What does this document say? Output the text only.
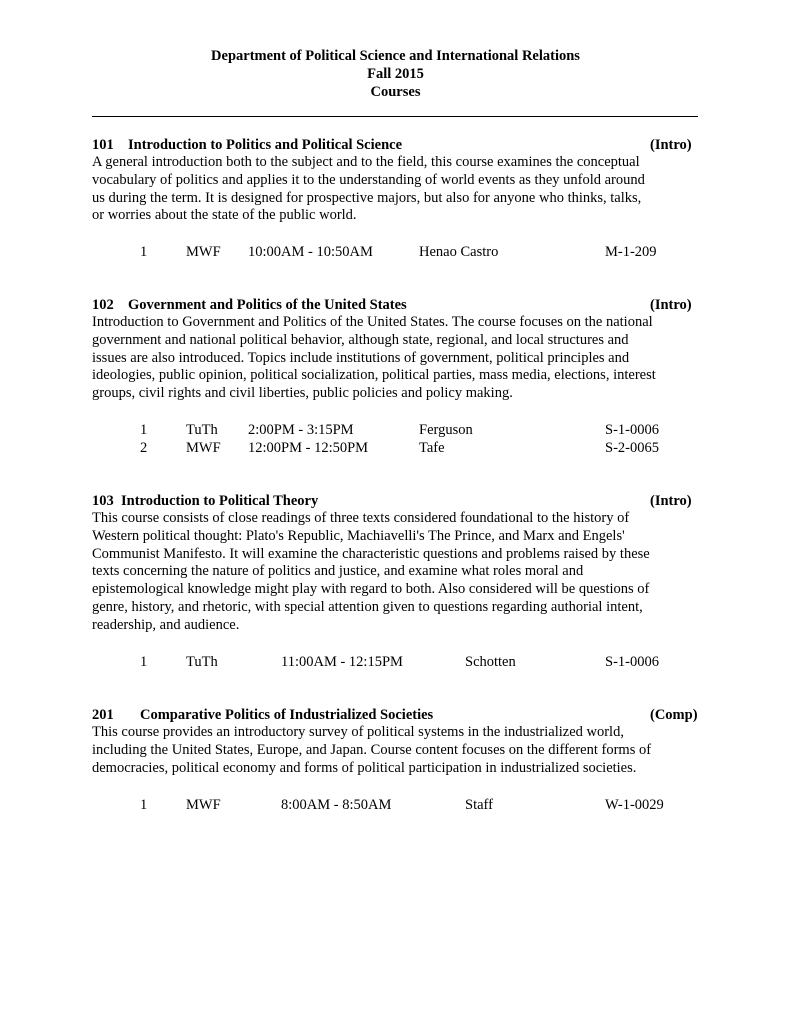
Department of Political Science and International Relations
Fall 2015
Courses
101 Introduction to Politics and Political Science	(Intro)
A general introduction both to the subject and to the field, this course examines the conceptual
vocabulary of politics and applies it to the understanding of world events as they unfold around
us during the term. It is designed for prospective majors, but also for anyone who thinks, talks,
or worries about the state of the public world.
1	MWF 10:00AM - 10:50AM	Henao Castro	M-1-209
102 Government and Politics of the United States	(Intro)
Introduction to Government and Politics of the United States. The course focuses on the national
government and national political behavior, although state, regional, and local structures and
issues are also introduced. Topics include institutions of government, political principles and
ideologies, public opinion, political socialization, political parties, mass media, elections, interest
groups, civil rights and civil liberties, public policies and policy making.
1	TuTh 2:00PM - 3:15PM	Ferguson	S-1-0006
2	MWF 12:00PM - 12:50PM	Tafe	S-2-0065
103 Introduction to Political Theory	(Intro)
This course consists of close readings of three texts considered foundational to the history of
Western political thought: Plato's Republic, Machiavelli's The Prince, and Marx and Engels'
Communist Manifesto. It will examine the characteristic questions and problems raised by these
texts concerning the nature of politics and justice, and examine what roles moral and
epistemological knowledge might play with regard to both. Also considered will be questions of
genre, history, and rhetoric, with special attention given to questions regarding authorial intent,
readership, and audience.
1	TuTh	11:00AM - 12:15PM	Schotten	S-1-0006
201 Comparative Politics of Industrialized Societies	(Comp)
This course provides an introductory survey of political systems in the industrialized world,
including the United States, Europe, and Japan. Course content focuses on the different forms of
democracies, political economy and forms of political participation in industrialized societies.
1	MWF	8:00AM - 8:50AM	Staff	W-1-0029
